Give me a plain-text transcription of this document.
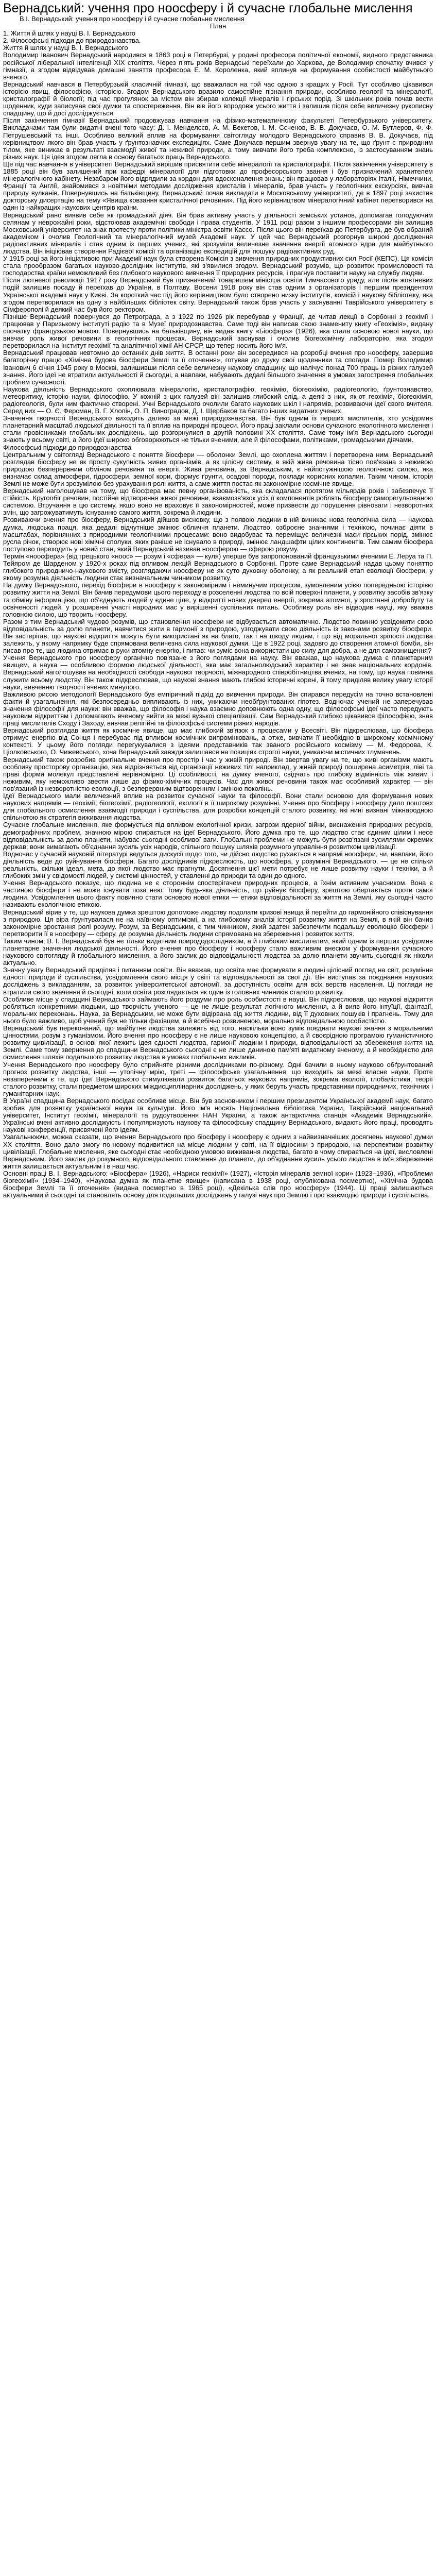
Вернадський: учення про ноосферу і й сучасне глобальне мислення

В.І. Вернадський: учення про ноосферу і й сучасне глобальне мислення

План

1. Життя й шлях у науці В. І. Вернадського

2. Філософські підходи до природознавства.

Життя й шлях у науці В. І. Вернадського

Володимир Іванович Вернадський народився в 1863 році в Петербурзі, у родині професора політичної економії, видного представника російської ліберальної інтелігенції XIX століття. Через п'ять років Вернадські переїхали до Харкова, де Володимир спочатку вчився у гімназії, а згодом відвідував домашні заняття професора Е. М. Короленка, який вплинув на формування особистості майбутнього вченого.

Вернадський навчався в Петербурзькій класичній гімназії, що вважалася на той час одною з кращих у Росії. Тут особливо цікавився історією явищ, філософією, історією. Згодом Вернадського вразило самостійне пізнання природи, особливо геології та мінералогії, кристалографії й біології; під час прогулянок за містом він збирав колекції мінералів і гірських порід. Зі шкільних років почав вести щоденник, куди записував свої думки та спостереження. Він вів його впродовж усього життя і залишив після себе величезну рукописну спадщину, що й досі досліджується.

Після закінчення гімназії Вернадський продовжував навчання на фізико-математичному факультеті Петербурзького університету. Викладачами там були видатні вчені того часу: Д. І. Менделєєв, А. М. Бекетов, І. М. Сєченов, В. В. Докучаєв, О. М. Бутлеров, Ф. Ф. Петрушевський та інші. Особливо великий вплив на формування світогляду молодого Вернадського справив В. В. Докучаєв, під керівництвом якого він брав участь у ґрунтознавчих експедиціях. Саме Докучаєв першим звернув увагу на те, що ґрунт є природним тілом, яке виникає в результаті взаємодії живої та неживої природи, а тому вивчати його треба комплексно, із застосуванням знань різних наук. Ця ідея згодом лягла в основу багатьох праць Вернадського.

Ще під час навчання в університеті Вернадський вирішив присвятити себе мінералогії та кристалографії. Після закінчення університету в 1885 році він був залишений при кафедрі мінералогії для підготовки до професорського звання і був призначений хранителем мінералогічного кабінету. Незабаром його відрядили за кордон для вдосконалення знань; він працював у лабораторіях Італії, Німеччини, Франції та Англії, знайомився з новітніми методами дослідження кристалів і мінералів, брав участь у геологічних екскурсіях, вивчав природу вулканів. Повернувшись на батьківщину, Вернадський почав викладати в Московському університеті, де в 1897 році захистив докторську дисертацію на тему «Явища ковзання кристалічної речовини». Під його керівництвом мінералогічний кабінет перетворився на один із найкращих наукових центрів країни.

Вернадський рано виявив себе як громадський діяч. Він брав активну участь у діяльності земських установ, допомагав голодуючим селянам у неврожайні роки, відстоював академічні свободи і права студентів. У 1911 році разом з іншими професорами він залишив Московський університет на знак протесту проти політики міністра освіти Кассо. Після цього він переїхав до Петербурга, де був обраний академіком і очолив Геологічний та мінералогічний музей Академії наук. У цей час Вернадський розгорнув широкі дослідження радіоактивних мінералів і став одним із перших учених, які зрозуміли величезне значення енергії атомного ядра для майбутнього людства. Він ініціював створення Радієвої комісії та організацію експедицій для пошуку радіоактивних руд.

У 1915 році за його ініціативою при Академії наук була створена Комісія з вивчення природних продуктивних сил Росії (КЕПС). Ця комісія стала прообразом багатьох науково-дослідних інститутів, які з'явилися згодом. Вернадський розумів, що розвиток промисловості та господарства країни неможливий без глибокого наукового вивчення її природних ресурсів, і прагнув поставити науку на службу людям.

Після лютневої революції 1917 року Вернадський був призначений товаришем міністра освіти Тимчасового уряду, але після жовтневих подій залишив посаду й переїхав до України, в Полтаву. Восени 1918 року він став одним з організаторів і першим президентом Української академії наук у Києві. За короткий час під його керівництвом було створено низку інститутів, комісій і наукову бібліотеку, яка згодом перетворилася на одну з найбільших бібліотек світу. Вернадський також брав участь у заснуванні Таврійського університету в Сімферополі й деякий час був його ректором.

Пізніше Вернадський повернувся до Петрограда, а з 1922 по 1926 рік перебував у Франції, де читав лекції в Сорбонні з геохімії і працював у Паризькому інституті радію та в Музеї природознавства. Саме тоді він написав свою знамениту книгу «Геохімія», видану спочатку французькою мовою. Повернувшись на батьківщину, він видав книгу «Біосфера» (1926), яка стала основою нової науки, що вивчає роль живої речовини в геологічних процесах. Вернадський заснував і очолив біогеохімічну лабораторію, яка згодом перетворилася на Інститут геохімії та аналітичної хімії АН СРСР, що тепер носить його ім'я.

Вернадський працював невтомно до останніх днів життя. В останні роки він зосередився на розробці вчення про ноосферу, завершив багаторічну працю «Хімічна будова біосфери Землі та її оточення», готував до друку свої щоденники та спогади. Помер Володимир Іванович 6 січня 1945 року в Москві, залишивши після себе величезну наукову спадщину, що налічує понад 700 праць із різних галузей знання. Його ідеї не втратили актуальності й сьогодні, а навпаки, набувають дедалі більшого значення в умовах загострення глобальних проблем сучасності.

Наукова діяльність Вернадського охоплювала мінералогію, кристалографію, геохімію, біогеохімію, радіогеологію, ґрунтознавство, метеоритику, історію науки, філософію. У кожній з цих галузей він залишив глибокий слід, а деякі з них, як-от геохімія, біогеохімія, радіогеологія, були ним фактично створені. Учні Вернадського очолили багато наукових шкіл і напрямів, розвиваючи ідеї свого вчителя. Серед них — О. Є. Ферсман, В. Г. Хлопін, О. П. Виноградов, Д. І. Щербаков та багато інших видатних учених.

Значення творчості Вернадського виходить далеко за межі природознавства. Він був одним із перших мислителів, хто усвідомив планетарний масштаб людської діяльності та її вплив на природні процеси. Його праці заклали основи сучасного екологічного мислення і стали провісниками глобальних досліджень, що розгорнулися в другій половині XX століття. Саме тому ім'я Вернадського сьогодні знають у всьому світі, а його ідеї широко обговорюються не тільки вченими, але й філософами, політиками, громадськими діячами.

Філософські підходи до природознавства

Центральним у світогляді Вернадського є поняття біосфери — оболонки Землі, що охоплена життям і перетворена ним. Вернадський розглядав біосферу не як просту сукупність живих організмів, а як цілісну систему, в якій жива речовина тісно пов'язана з неживою природою безперервним обміном речовини та енергії. Жива речовина, за Вернадським, є найпотужнішою геологічною силою, яка визначає склад атмосфери, гідросфери, земної кори, формує ґрунти, осадові породи, поклади корисних копалин. Таким чином, історія Землі не може бути зрозумілою без урахування ролі життя, а саме життя постає як закономірне космічне явище.

Вернадський наголошував на тому, що біосфера має певну організованість, яка складалася протягом мільярдів років і забезпечує її стійкість. Кругообіг речовин, постійне відтворення живої речовини, взаємозв'язок усіх її компонентів роблять біосферу саморегульованою системою. Втручання в цю систему, якщо воно не враховує її закономірностей, може призвести до порушення рівноваги і незворотних змін, що загрожуватимуть існуванню самого життя, зокрема й людини.

Розвиваючи вчення про біосферу, Вернадський дійшов висновку, що з появою людини в ній виникає нова геологічна сила — наукова думка, людська праця, яка дедалі відчутніше змінює обличчя планети. Людство, озброєне знаннями і технікою, починає діяти в масштабах, порівнянних з природними геологічними процесами: воно видобуває та переміщує величезні маси гірських порід, змінює русла річок, створює нові хімічні сполуки, яких раніше не існувало в природі, змінює ландшафти цілих континентів. Тим самим біосфера поступово переходить у новий стан, який Вернадський називав ноосферою — сферою розуму.

Термін «ноосфера» (від грецького «ноос» — розум і «сфера» — куля) уперше був запропонований французькими вченими Е. Леруа та П. Тейяром де Шарденом у 1920-х роках під впливом лекцій Вернадського в Сорбонні. Проте саме Вернадський надав цьому поняттю глибокого природничо-наукового змісту, розглядаючи ноосферу не як суто духовну оболонку, а як реальний етап еволюції біосфери, у якому розумна діяльність людини стає визначальним чинником розвитку.

На думку Вернадського, перехід біосфери в ноосферу є закономірним і неминучим процесом, зумовленим усією попередньою історією розвитку життя на Землі. Він бачив передумови цього переходу в розселенні людства по всій поверхні планети, у розвитку засобів зв'язку та обміну інформацією, що об'єднують людей у єдине ціле, у відкритті нових джерел енергії, зокрема атомної, у зростанні добробуту та освіченості людей, у розширенні участі народних мас у вирішенні суспільних питань. Особливу роль він відводив науці, яку вважав головною силою, що творить ноосферу.

Разом з тим Вернадський чудово розумів, що становлення ноосфери не відбувається автоматично. Людство повинно усвідомити свою відповідальність за долю планети, навчитися жити в гармонії з природою, узгоджувати свою діяльність із законами розвитку біосфери. Він застерігав, що наукові відкриття можуть бути використані як на благо, так і на шкоду людям, і що від моральної зрілості людства залежить, у якому напрямку буде спрямована величезна сила наукової думки. Ще в 1922 році, задовго до створення атомної бомби, він писав про те, що людина отримає в руки атомну енергію, і питав: чи зуміє вона використати цю силу для добра, а не для самознищення?

Учення Вернадського про ноосферу органічно пов'язане з його поглядами на науку. Він вважав, що наукова думка є планетарним явищем, а наука — особливою формою людської діяльності, яка має загальнолюдський характер і не знає національних кордонів. Вернадський наголошував на необхідності свободи наукової творчості, міжнародного співробітництва вчених, на тому, що наука повинна служити всьому людству. Він також підкреслював, що наукові знання мають глибокі історичні корені, й тому приділяв велику увагу історії науки, вивченню творчості вчених минулого.

Важливою рисою методології Вернадського був емпіричний підхід до вивчення природи. Він спирався передусім на точно встановлені факти й узагальнення, які безпосередньо випливають із них, уникаючи необґрунтованих гіпотез. Водночас учений не заперечував значення філософії для науки: він вважав, що філософія і наука взаємно доповнюють одна одну, що філософські ідеї часто передують науковим відкриттям і допомагають вченому вийти за межі вузької спеціалізації. Сам Вернадський глибоко цікавився філософією, знав праці мислителів Сходу і Заходу, вивчав релігійні та філософські системи різних народів.

Вернадський розглядав життя як космічне явище, що має глибокий зв'язок з процесами у Всесвіті. Він підкреслював, що біосфера отримує енергію від Сонця і перебуває під впливом космічних випромінювань, а отже, вивчати її необхідно в широкому космічному контексті. У цьому його погляди перегукувалися з ідеями представників так званого російського космізму — М. Федорова, К. Ціолковського, О. Чижевського, хоча Вернадський завжди залишався на позиціях строгої науки, уникаючи містичних тлумачень.

Вернадський також розробив оригінальне вчення про простір і час у живій природі. Він звертав увагу на те, що живі організми мають особливу просторову організацію, яка відрізняється від організації неживих тіл: наприклад, у живій природі поширена асиметрія, ліві та праві форми молекул представлені нерівномірно. Ці особливості, на думку вченого, свідчать про глибоку відмінність між живим і неживим, яку неможливо звести лише до фізико-хімічних процесів. Час для живої речовини також має особливий характер — він пов'язаний із незворотністю еволюції, з безперервним відтворенням і зміною поколінь.

Ідеї Вернадського мали величезний вплив на розвиток сучасної науки та філософії. Вони стали основою для формування нових наукових напрямів — геохімії, біогеохімії, радіогеології, екології в її широкому розумінні. Учення про біосферу і ноосферу дало поштовх для глобального осмислення взаємодії природи і суспільства, для розробки концепцій сталого розвитку, які нині визнані міжнародною спільнотою як стратегія виживання людства.

Сучасне глобальне мислення, яке формується під впливом екологічної кризи, загрози ядерної війни, виснаження природних ресурсів, демографічних проблем, значною мірою спирається на ідеї Вернадського. Його думка про те, що людство стає єдиним цілим і несе відповідальність за долю планети, набуває сьогодні особливої ваги. Глобальні проблеми не можуть бути розв'язані зусиллями окремих держав; вони вимагають об'єднання зусиль усіх народів, спільного пошуку шляхів розумного управління розвитком цивілізації.

Водночас у сучасній науковій літературі ведуться дискусії щодо того, чи дійсно людство рухається в напрямі ноосфери, чи, навпаки, його діяльність веде до руйнування біосфери. Багато дослідників підкреслюють, що ноосфера, у розумінні Вернадського, — це не стільки реальність, скільки ідеал, мета, до якої людство має прагнути. Досягнення цієї мети потребує не лише розвитку науки і техніки, а й глибоких змін у свідомості людей, у системі цінностей, у ставленні до природи та один до одного.

Учення Вернадського показує, що людина не є стороннім спостерігачем природних процесів, а їхнім активним учасником. Вона є частиною біосфери і не може існувати поза нею. Тому будь-яка діяльність, що руйнує біосферу, зрештою обертається проти самої людини. Усвідомлення цього факту повинно стати основою нової етики — етики відповідальності за життя на Землі, яку сьогодні часто називають екологічною етикою.

Вернадський вірив у те, що наукова думка зрештою допоможе людству подолати кризові явища й перейти до гармонійного співіснування з природою. Ця віра ґрунтувалася не на наївному оптимізмі, а на глибокому аналізі історії розвитку життя на Землі, в якій він бачив закономірне зростання ролі розуму. Розум, за Вернадським, є тим чинником, який здатен забезпечити подальшу еволюцію біосфери і перетворити її в ноосферу — сферу, де розумна діяльність людини спрямована на збереження і розвиток життя.

Таким чином, В. І. Вернадський був не тільки видатним природодослідником, а й глибоким мислителем, який одним із перших усвідомив планетарне значення людської діяльності. Його вчення про біосферу і ноосферу стало важливим внеском у формування сучасного наукового світогляду й глобального мислення, а його заклик до відповідальності людства за долю планети звучить сьогодні як ніколи актуально.

Значну увагу Вернадський приділяв і питанням освіти. Він вважав, що освіта має формувати в людині цілісний погляд на світ, розуміння єдності природи й суспільства, усвідомлення свого місця у світі та відповідальності за свої дії. Він виступав за поєднання наукових досліджень з викладанням, за розвиток університетської автономії, за доступність освіти для всіх верств населення. Ці погляди не втратили свого значення й сьогодні, коли освіта розглядається як один із головних чинників сталого розвитку.

Особливе місце у спадщині Вернадського займають його роздуми про роль особистості в науці. Він підкреслював, що наукові відкриття робляться конкретними людьми, що творчість ученого — це не лише результат логічного мислення, а й вияв його інтуїції, фантазії, моральних переконань. Наука, за Вернадським, не може бути відірвана від життя людини, від її духовних пошуків і прагнень. Тому для нього було важливо, щоб учений був не тільки фахівцем, а й всебічно розвиненою, морально відповідальною особистістю.

Вернадський був переконаний, що майбутнє людства залежить від того, наскільки воно зуміє поєднати наукові знання з моральними цінностями, розум з гуманізмом. Його вчення про ноосферу є не лише науковою концепцією, а й своєрідною програмою гуманістичного розвитку цивілізації, в основі якої лежить ідея єдності людства, гармонії людини і природи, відповідальності за збереження життя на Землі. Саме тому звернення до спадщини Вернадського сьогодні є не лише даниною пам'яті видатному вченому, а й необхідністю для осмислення шляхів подальшого розвитку людства в умовах глобальних викликів.

Учення Вернадського про ноосферу було сприйняте різними дослідниками по-різному. Одні бачили в ньому науково обґрунтований прогноз розвитку людства, інші — утопічну мрію, треті — філософське узагальнення, що виходить за межі власне науки. Проте незаперечним є те, що ідеї Вернадського стимулювали розвиток багатьох наукових напрямів, зокрема екології, глобалістики, теорії сталого розвитку, стали предметом широких міждисциплінарних досліджень, у яких беруть участь представники природничих, технічних і гуманітарних наук.

В Україні спадщина Вернадського посідає особливе місце. Він був засновником і першим президентом Української академії наук, багато зробив для розвитку української науки та культури. Його ім'я носять Національна бібліотека України, Таврійський національний університет, Інститут геохімії, мінералогії та рудоутворення НАН України, а також антарктична станція «Академік Вернадський». Українські вчені активно досліджують і популяризують наукову та філософську спадщину Вернадського, видають його праці, проводять наукові конференції, присвячені його ідеям.

Узагальнюючи, можна сказати, що вчення Вернадського про біосферу і ноосферу є одним з найвизначніших досягнень наукової думки XX століття. Воно дало змогу по-новому подивитися на місце людини у світі, на її відносини з природою, на перспективи розвитку цивілізації. Глобальне мислення, яке сьогодні стає необхідною умовою виживання людства, багато в чому спирається на ідеї, висловлені Вернадським. Його заклик до розумного, відповідального ставлення до планети, до об'єднання зусиль усього людства в ім'я збереження життя залишається актуальним і в наш час.

Основні праці В. І. Вернадського: «Біосфера» (1926), «Нариси геохімії» (1927), «Історія мінералів земної кори» (1923–1936), «Проблеми біогеохімії» (1934–1940), «Наукова думка як планетне явище» (написана в 1938 році, опублікована посмертно), «Хімічна будова біосфери Землі та її оточення» (видана посмертно в 1965 році), «Декілька слів про ноосферу» (1944). Ці праці залишаються актуальними й сьогодні та становлять основу для подальших досліджень у галузі наук про Землю і про взаємодію природи і суспільства.
